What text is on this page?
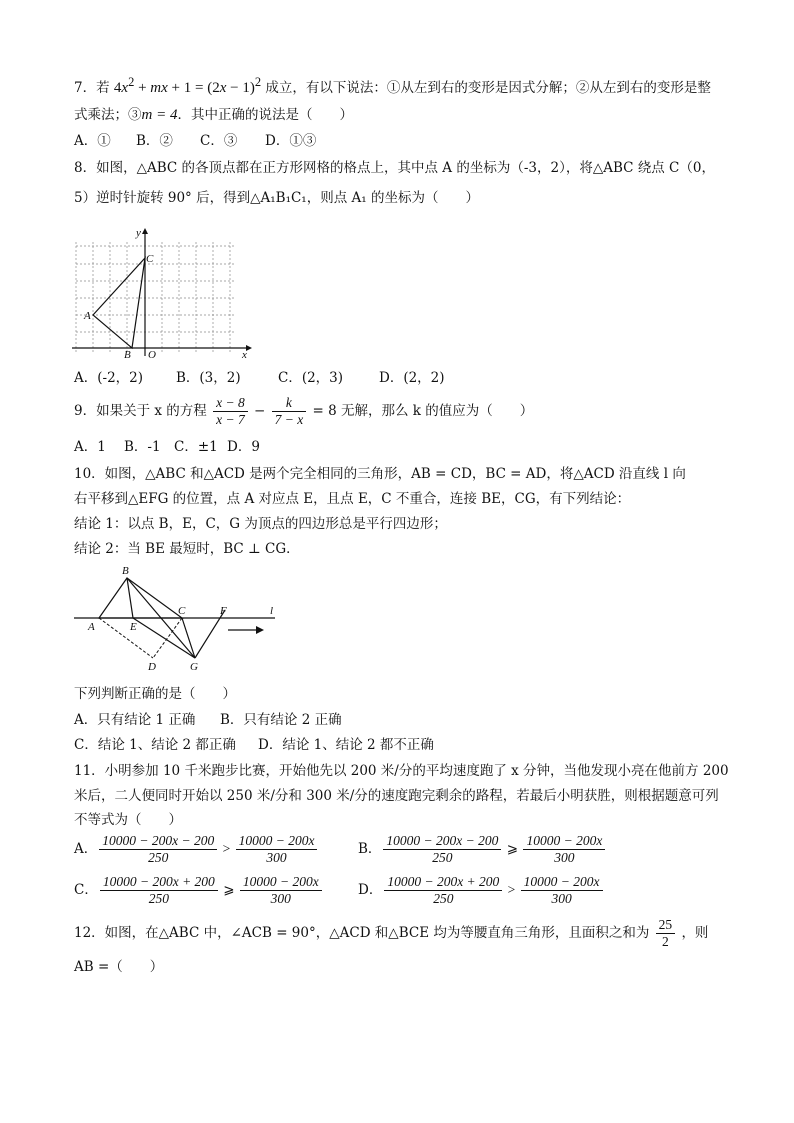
7．若 $4x^2$ + mx + $1 = (2x - 1)^2$ 成立，有以下说法：①从左到右的变形是因式分解；②从左到右的变形是整
式乘法；③m = 4．其中正确的说法是（　　）
A．① B．② C．③ D．①③
8．如图，△ABC 的各顶点都在正方形网格的格点上，其中点 A 的坐标为（-3，2），将△ABC 绕点 C（0，
5）逆时针旋转 90° 后，得到△A₁B₁C₁，则点 A₁ 的坐标为（　　）
y
x
C
A
B O
A．(-2，2) B．(3，2)	C．(2，3)	D．(2，2)
9．如果关于 x 的方程 $\frac{x - 8}{x - 7} - \frac{k}{7 - x} = 8$ 无解，那么 k 的值应为（　　）
A．1 B．-1 C．±1 D．9
10．如图，△ABC 和△ACD 是两个完全相同的三角形，AB = CD，BC = AD，将△ACD 沿直线 l 向
右平移到△EFG 的位置，点 A 对应点 E，且点 E，C 不重合，连接 BE，CG，有下列结论：
结论 1：以点 B，E，C，G 为顶点的四边形总是平行四边形；
结论 2：当 BE 最短时，BC ⊥ CG．
B
A	E
C	F	l
D	G
下列判断正确的是（　　）
A．只有结论 1 正确 B．只有结论 2 正确
C．结论 1、结论 2 都正确 D．结论 1、结论 2 都不正确
11．小明参加 10 千米跑步比赛，开始他先以 200 米/分的平均速度跑了 x 分钟，当他发现小亮在他前方 200
米后，二人便同时开始以 250 米/分和 300 米/分的速度跑完剩余的路程，若最后小明获胜，则根据题意可列
不等式为（　　）
A． $\frac{10000 - 200x - 200}{250} > \frac{10000 - 200x}{300}$	B． $\frac{10000 - 200x - 200}{250}$ ⩾ $\frac{10000 - 200x}{300}$
C． $\frac{10000 - 200x + 200}{250}$ ⩾ $\frac{10000 - 200x}{300}$	D． $\frac{10000 - 200x + 200}{250} > \frac{10000 - 200x}{300}$
12．如图，在△ABC 中，∠ACB = 90°，△ACD 和△BCE 均为等腰直角三角形，且面积之和为 $\frac{25}{2}$ ，则
AB =（　　）
